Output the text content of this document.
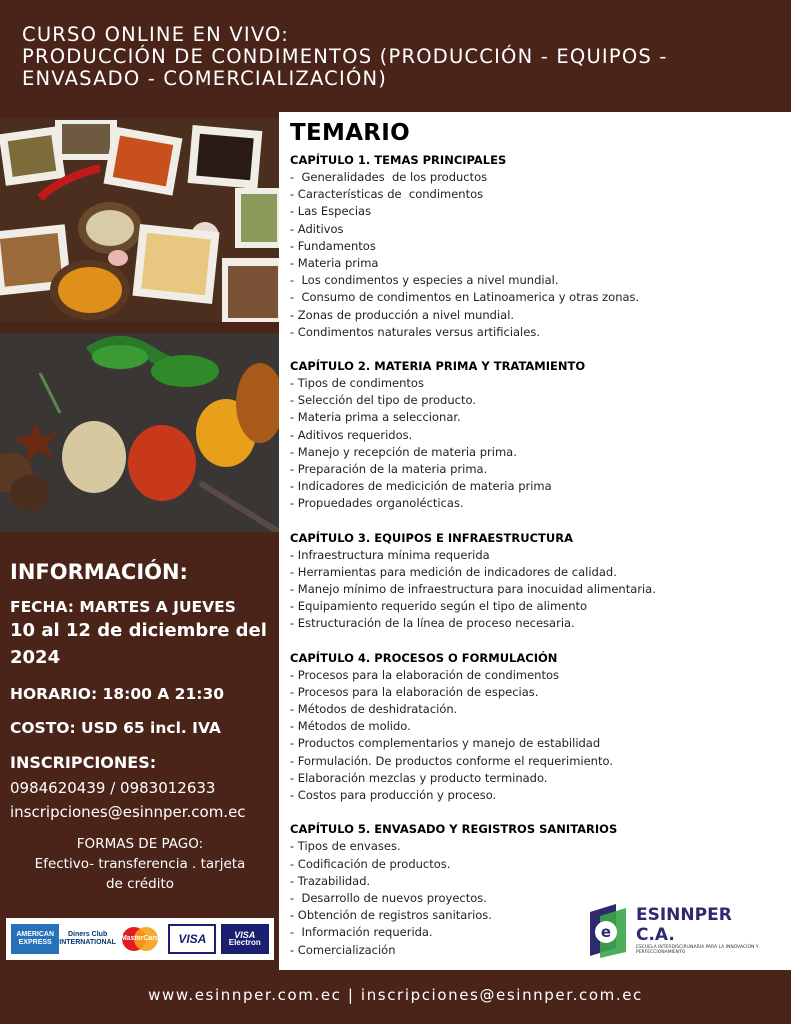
CURSO ONLINE EN VIVO:
PRODUCCIÓN DE CONDIMENTOS (PRODUCCIÓN - EQUIPOS -
ENVASADO - COMERCIALIZACIÓN)
TEMARIO
CAPÍTULO 1. TEMAS PRINCIPALES
-  Generalidades  de los productos
- Características de  condimentos
- Las Especias
- Aditivos
- Fundamentos
- Materia prima
-  Los condimentos y especies a nivel mundial.
-  Consumo de condimentos en Latinoamerica y otras zonas.
- Zonas de producción a nivel mundial.
- Condimentos naturales versus artificiales.
CAPÍTULO 2. MATERIA PRIMA Y TRATAMIENTO
- Tipos de condimentos
- Selección del tipo de producto.
- Materia prima a seleccionar.
- Aditivos requeridos.
- Manejo y recepción de materia prima.
- Preparación de la materia prima.
- Indicadores de medicición de materia prima
- Propuedades organolécticas.
CAPÍTULO 3. EQUIPOS E INFRAESTRUCTURA
- Infraestructura mínima requerida
- Herramientas para medición de indicadores de calidad.
- Manejo mínimo de infraestructura para inocuidad alimentaria.
- Equipamiento requerido según el tipo de alimento
- Estructuración de la línea de proceso necesaria.
CAPÍTULO 4. PROCESOS O FORMULACIÓN
- Procesos para la elaboración de condimentos
- Procesos para la elaboración de especias.
- Métodos de deshidratación.
- Métodos de molido.
- Productos complementarios y manejo de estabilidad
- Formulación. De productos conforme el requerimiento.
- Elaboración mezclas y producto terminado.
- Costos para producción y proceso.
CAPÍTULO 5. ENVASADO Y REGISTROS SANITARIOS
- Tipos de envases.
- Codificación de productos.
- Trazabilidad.
-  Desarrollo de nuevos proyectos.
- Obtención de registros sanitarios.
-  Información requerida.
- Comercialización
INFORMACIÓN:
FECHA: MARTES A JUEVES
10 al 12 de diciembre del
2024
HORARIO: 18:00 A 21:30
COSTO: USD 65 incl. IVA
INSCRIPCIONES:
0984620439 / 0983012633
inscripciones@esinnper.com.ec
FORMAS DE PAGO:
Efectivo- transferencia . tarjeta
de crédito
AMERICAN EXPRESS
Diners Club INTERNATIONAL
MasterCard	VISA	VISA
Electron
e
ESINNPER C.A.
ESCUELA INTERDISCIPLINARIA PARA LA INNOVACIÓN Y PERFECCIONAMIENTO
www.esinnper.com.ec | inscripciones@esinnper.com.ec
